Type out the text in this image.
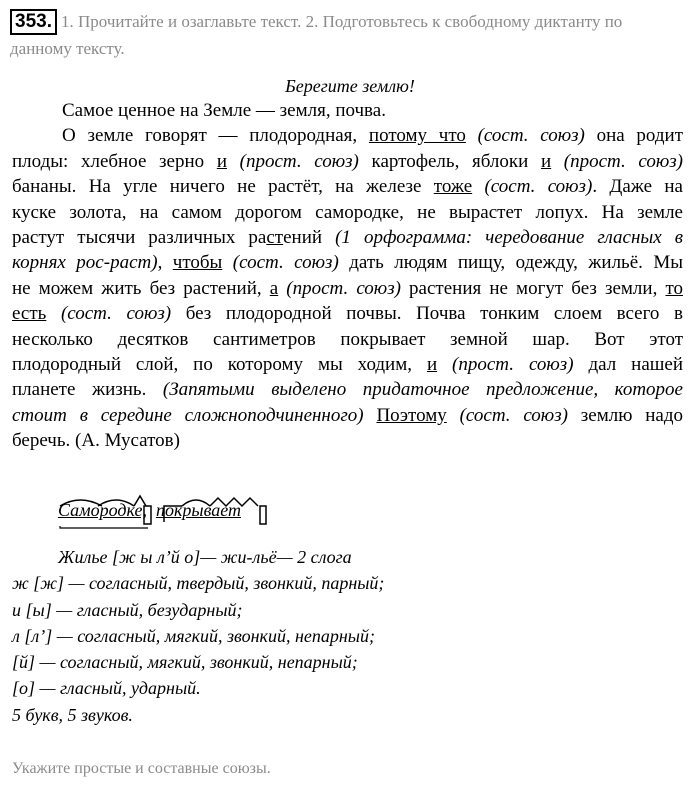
353. 1. Прочитайте и озаглавьте текст. 2. Подготовьтесь к свободному диктанту по данному тексту.
Берегите землю!
Самое ценное на Земле — земля, почва.
О земле говорят — плодородная, потому что (сост. союз) она родит
плоды: хлебное зерно и (прост. союз) картофель, яблоки и (прост. союз)
бананы. На угле ничего не растёт, на железе тоже (сост. союз). Даже на
куске золота, на самом дорогом самородке, не вырастет лопух. На земле
растут тысячи различных растений (1 орфограмма: чередование гласных в
корнях рос-раст), чтобы (сост. союз) дать людям пищу, одежду, жильё. Мы
не можем жить без растений, а (прост. союз) растения не могут без земли, то
есть (сост. союз) без плодородной почвы. Почва тонким слоем всего в
несколько десятков сантиметров покрывает земной шар. Вот этот
плодородный слой, по которому мы ходим, и (прост. союз) дал нашей
планете жизнь. (Запятыми выделено придаточное предложение, которое
стоит в середине сложноподчиненного) Поэтому (сост. союз) землю надо
беречь. (А. Мусатов)
Самородке, покрывает
Жилье [ж ы л’й о]— жи-льё— 2 слога
ж [ж] — согласный, твердый, звонкий, парный;
и [ы] — гласный, безударный;
л [л’] — согласный, мягкий, звонкий, непарный;
[й] — согласный, мягкий, звонкий, непарный;
[о] — гласный, ударный.
5 букв, 5 звуков.
Укажите простые и составные союзы.
